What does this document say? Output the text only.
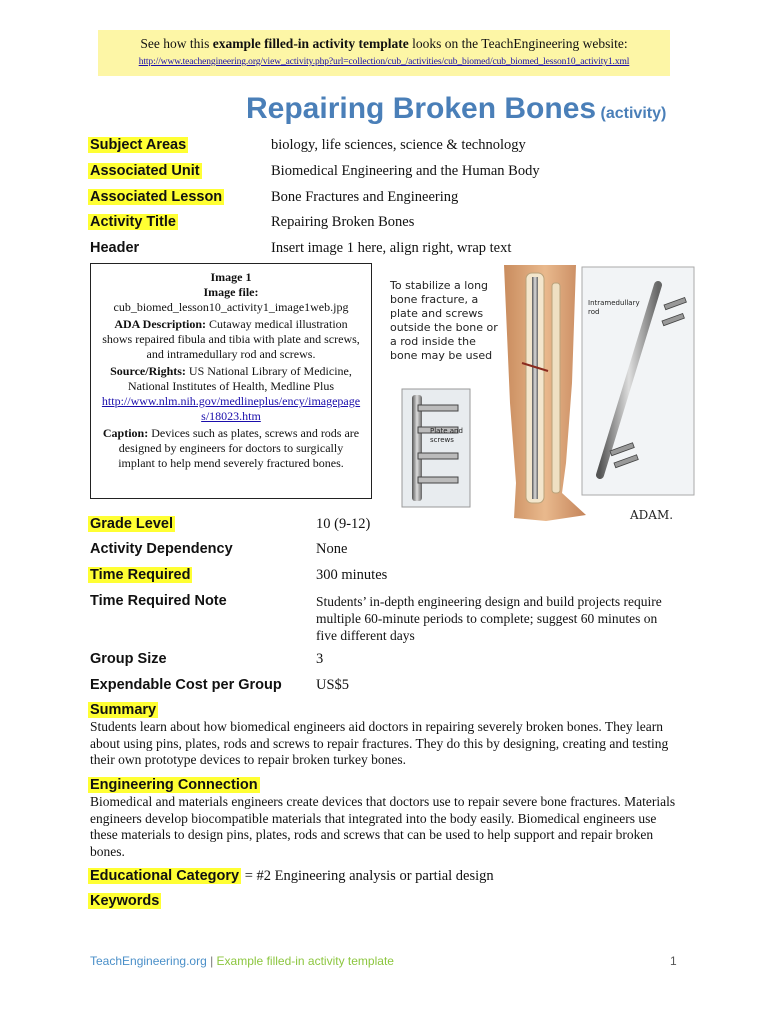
See how this example filled-in activity template looks on the TeachEngineering website:
http://www.teachengineering.org/view_activity.php?url=collection/cub_/activities/cub_biomed/cub_biomed_lesson10_activity1.xml
Repairing Broken Bones (activity)
Subject Areas	biology, life sciences, science & technology
Associated Unit	Biomedical Engineering and the Human Body
Associated Lesson	Bone Fractures and Engineering
Activity Title	Repairing Broken Bones
Header	Insert image 1 here, align right, wrap text
Image 1
Image file:
cub_biomed_lesson10_activity1_image1web.jpg

ADA Description: Cutaway medical illustration shows repaired fibula and tibia with plate and screws, and intramedullary rod and screws.

Source/Rights: US National Library of Medicine, National Institutes of Health, Medline Plus
http://www.nlm.nih.gov/medlineplus/ency/imagepages/18023.htm

Caption: Devices such as plates, screws and rods are designed by engineers for doctors to surgically implant to help mend severely fractured bones.

To stabilize a long
bone fracture, a
plate and screws
outside the bone or
a rod inside the
bone may be used
Plate and
screws
Intramedullary
rod
ADAM.
Grade Level	10 (9-12)
Activity Dependency	None
Time Required	300 minutes
Time Required Note	Students’ in-depth engineering design and build projects require multiple 60-minute periods to complete; suggest 60 minutes on five different days
Group Size	3
Expendable Cost per Group US$5
Summary
Students learn about how biomedical engineers aid doctors in repairing severely broken bones. They learn about using pins, plates, rods and screws to repair fractures. They do this by designing, creating and testing their own prototype devices to repair broken turkey bones.
Engineering Connection
Biomedical and materials engineers create devices that doctors use to repair severe bone fractures. Materials engineers develop biocompatible materials that integrated into the body easily. Biomedical engineers use these materials to design pins, plates, rods and screws that can be used to help support and repair broken bones.
Educational Category = #2 Engineering analysis or partial design
Keywords
TeachEngineering.org | Example filled-in activity template	1
